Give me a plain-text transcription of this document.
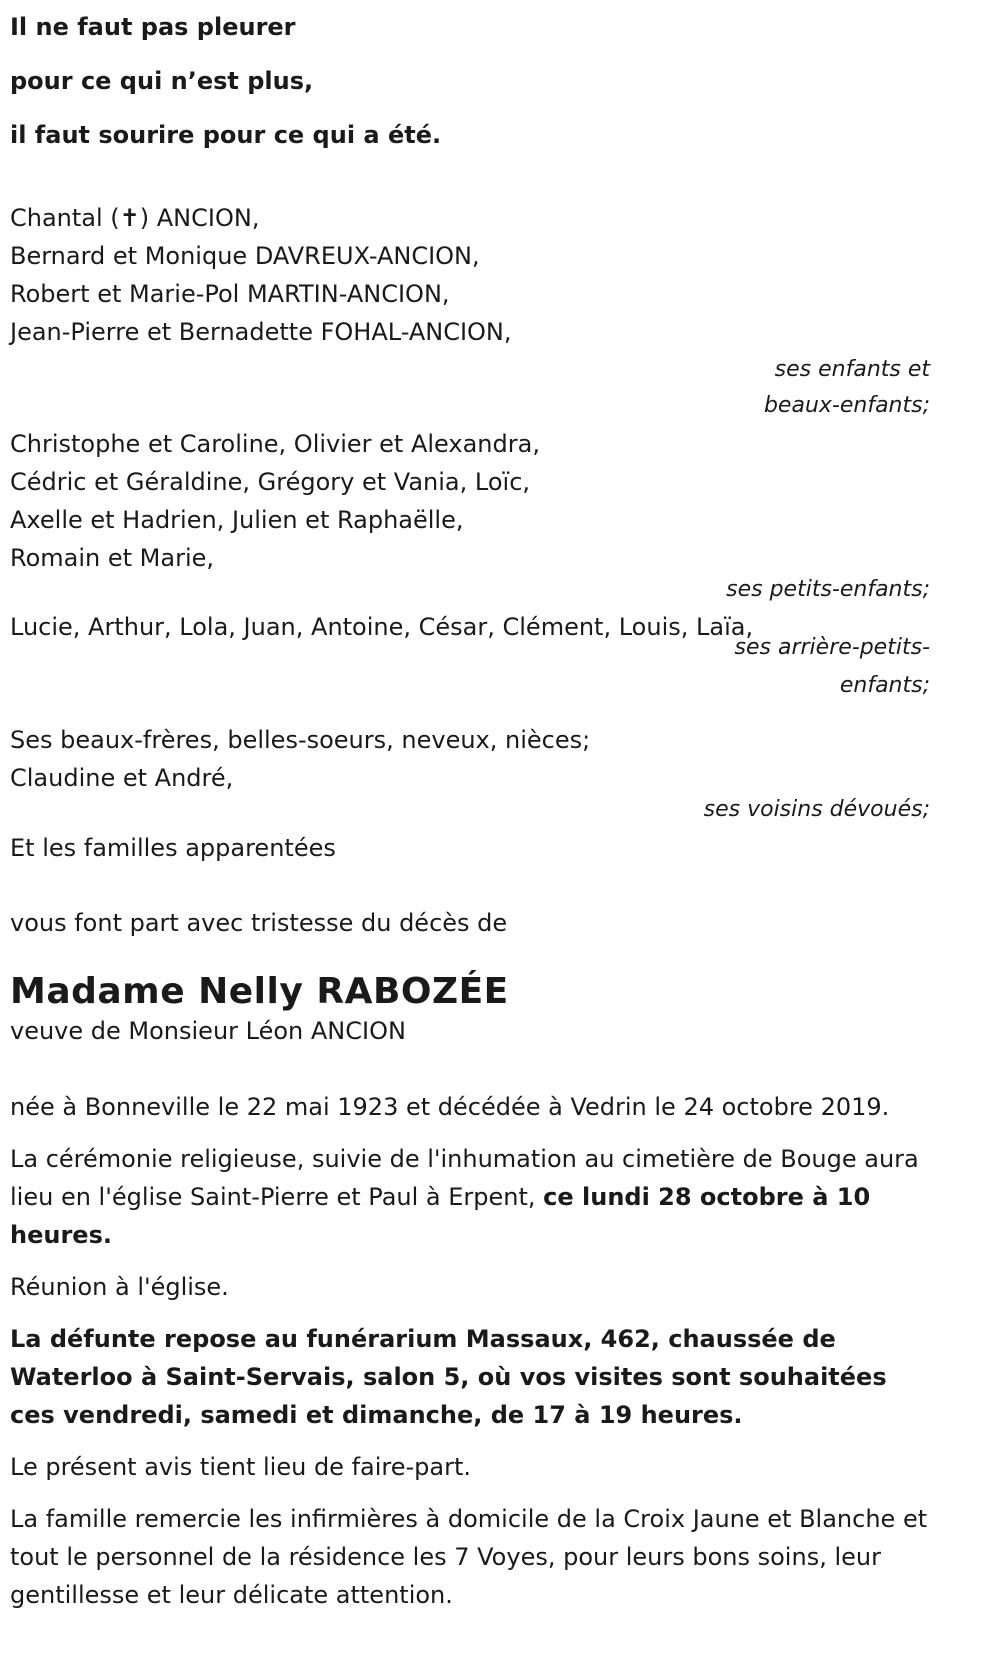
Il ne faut pas pleurer
pour ce qui n’est plus,
il faut sourire pour ce qui a été.
Chantal (✝) ANCION,
Bernard et Monique DAVREUX-ANCION,
Robert et Marie-Pol MARTIN-ANCION,
Jean-Pierre et Bernadette FOHAL-ANCION,
ses enfants et
beaux-enfants;
Christophe et Caroline, Olivier et Alexandra,
Cédric et Géraldine, Grégory et Vania, Loïc,
Axelle et Hadrien, Julien et Raphaëlle,
Romain et Marie,
ses petits-enfants;
Lucie, Arthur, Lola, Juan, Antoine, César, Clément, Louis, Laïa,
ses arrière-petits-
enfants;
Ses beaux-frères, belles-soeurs, neveux, nièces;
Claudine et André,
ses voisins dévoués;
Et les familles apparentées
vous font part avec tristesse du décès de
Madame Nelly RABOZÉE
veuve de Monsieur Léon ANCION
née à Bonneville le 22 mai 1923 et décédée à Vedrin le 24 octobre 2019.
La cérémonie religieuse, suivie de l'inhumation au cimetière de Bouge aura lieu en l'église Saint-Pierre et Paul à Erpent, ce lundi 28 octobre à 10 heures.
Réunion à l'église.
La défunte repose au funérarium Massaux, 462, chaussée de Waterloo à Saint-Servais, salon 5, où vos visites sont souhaitées ces vendredi, samedi et dimanche, de 17 à 19 heures.
Le présent avis tient lieu de faire-part.
La famille remercie les infirmières à domicile de la Croix Jaune et Blanche et tout le personnel de la résidence les 7 Voyes, pour leurs bons soins, leur gentillesse et leur délicate attention.
